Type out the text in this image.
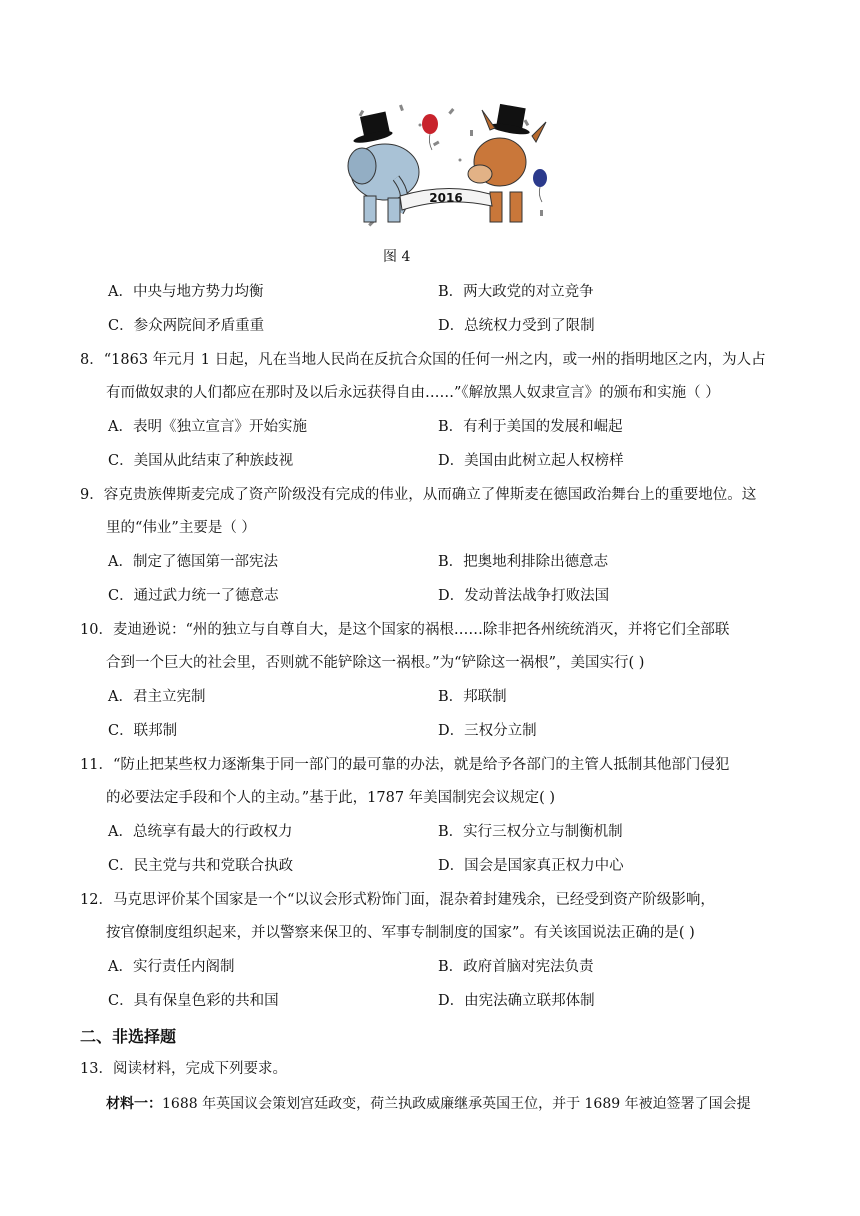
2016
图 4
A．中央与地方势力均衡	B．两大政党的对立竞争
C．参众两院间矛盾重重	D．总统权力受到了限制
8．“1863 年元月 1 日起，凡在当地人民尚在反抗合众国的任何一州之内，或一州的指明地区之内，为人占
有而做奴隶的人们都应在那时及以后永远获得自由……”《解放黑人奴隶宣言》的颁布和实施（ ）
A．表明《独立宣言》开始实施	B．有利于美国的发展和崛起
C．美国从此结束了种族歧视	D．美国由此树立起人权榜样
9．容克贵族俾斯麦完成了资产阶级没有完成的伟业，从而确立了俾斯麦在德国政治舞台上的重要地位。这
里的“伟业”主要是（ ）
A．制定了德国第一部宪法	B．把奥地利排除出德意志
C．通过武力统一了德意志	D．发动普法战争打败法国
10．麦迪逊说：“州的独立与自尊自大，是这个国家的祸根……除非把各州统统消灭，并将它们全部联
合到一个巨大的社会里，否则就不能铲除这一祸根。”为“铲除这一祸根”，美国实行( )
A．君主立宪制	B．邦联制
C．联邦制	D．三权分立制
11．“防止把某些权力逐渐集于同一部门的最可靠的办法，就是给予各部门的主管人抵制其他部门侵犯
的必要法定手段和个人的主动。”基于此，1787 年美国制宪会议规定( )
A．总统享有最大的行政权力	B．实行三权分立与制衡机制
C．民主党与共和党联合执政	D．国会是国家真正权力中心
12．马克思评价某个国家是一个“以议会形式粉饰门面，混杂着封建残余，已经受到资产阶级影响，
按官僚制度组织起来，并以警察来保卫的、军事专制制度的国家”。有关该国说法正确的是( )
A．实行责任内阁制	B．政府首脑对宪法负责
C．具有保皇色彩的共和国	D．由宪法确立联邦体制
二、非选择题
13．阅读材料，完成下列要求。
材料一：1688 年英国议会策划宫廷政变，荷兰执政威廉继承英国王位，并于 1689 年被迫签署了国会提
